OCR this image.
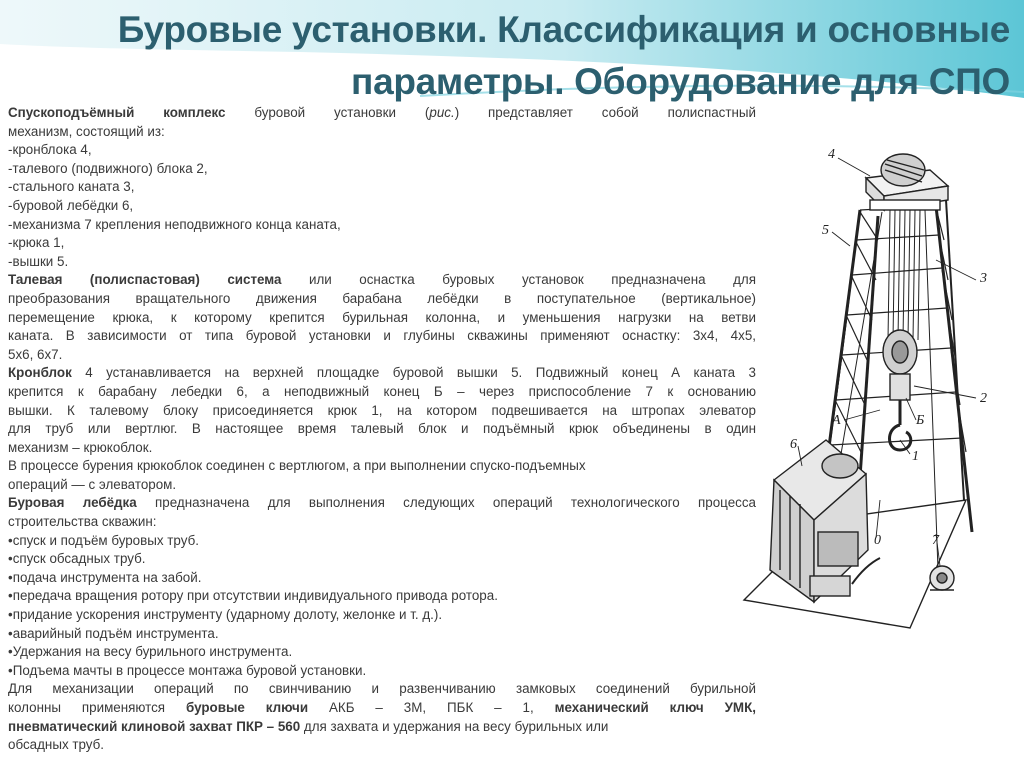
Буровые установки. Классификация и основные
параметры. Оборудование для СПО

Спускоподъёмный комплекс буровой установки (рис.) представляет собой полиспастный

механизм, состоящий из:

-кронблока 4,

-талевого (подвижного) блока 2,

-стального каната 3,

-буровой лебёдки 6,

-механизма 7 крепления неподвижного конца каната,

-крюка 1,

-вышки 5.

Талевая (полиспастовая) система или оснастка буровых установок предназначена для

преобразования вращательного движения барабана лебёдки в поступательное (вертикальное)

перемещение крюка, к которому крепится бурильная колонна, и уменьшения нагрузки на ветви

каната. В зависимости от типа буровой установки и глубины скважины применяют оснастку: 3x4, 4x5,

5x6, 6x7.

Кронблок 4 устанавливается на верхней площадке буровой вышки 5. Подвижный конец А каната 3

крепится к барабану лебедки 6, а неподвижный конец Б – через приспособление 7 к основанию

вышки. К талевому блоку присоединяется крюк 1, на котором подвешивается на штропах элеватор

для труб или вертлюг. В настоящее время талевый блок и подъёмный крюк объединены в один

механизм – крюкоблок.

В процессе бурения крюкоблок соединен с вертлюгом, а при выполнении спуско-подъемных

операций — с элеватором.

Буровая лебёдка предназначена для выполнения следующих операций технологического процесса

строительства скважин:

•спуск и подъём буровых труб.

•спуск обсадных труб.

•подача инструмента на забой.

•передача вращения ротору при отсутствии индивидуального привода ротора.

•придание ускорения инструменту (ударному долоту, желонке и т. д.).

•аварийный подъём инструмента.

•Удержания на весу бурильного инструмента.

•Подъема мачты в процессе монтажа буровой установки.

Для механизации операций по свинчиванию и развенчиванию замковых соединений бурильной

колонны применяются буровые ключи АКБ – 3М, ПБК – 1, механический ключ УМК,

пневматический клиновой захват ПКР – 560 для захвата и удержания на весу бурильных или

обсадных труб.

4
5
3
2
А	Б
1
6
7
0
